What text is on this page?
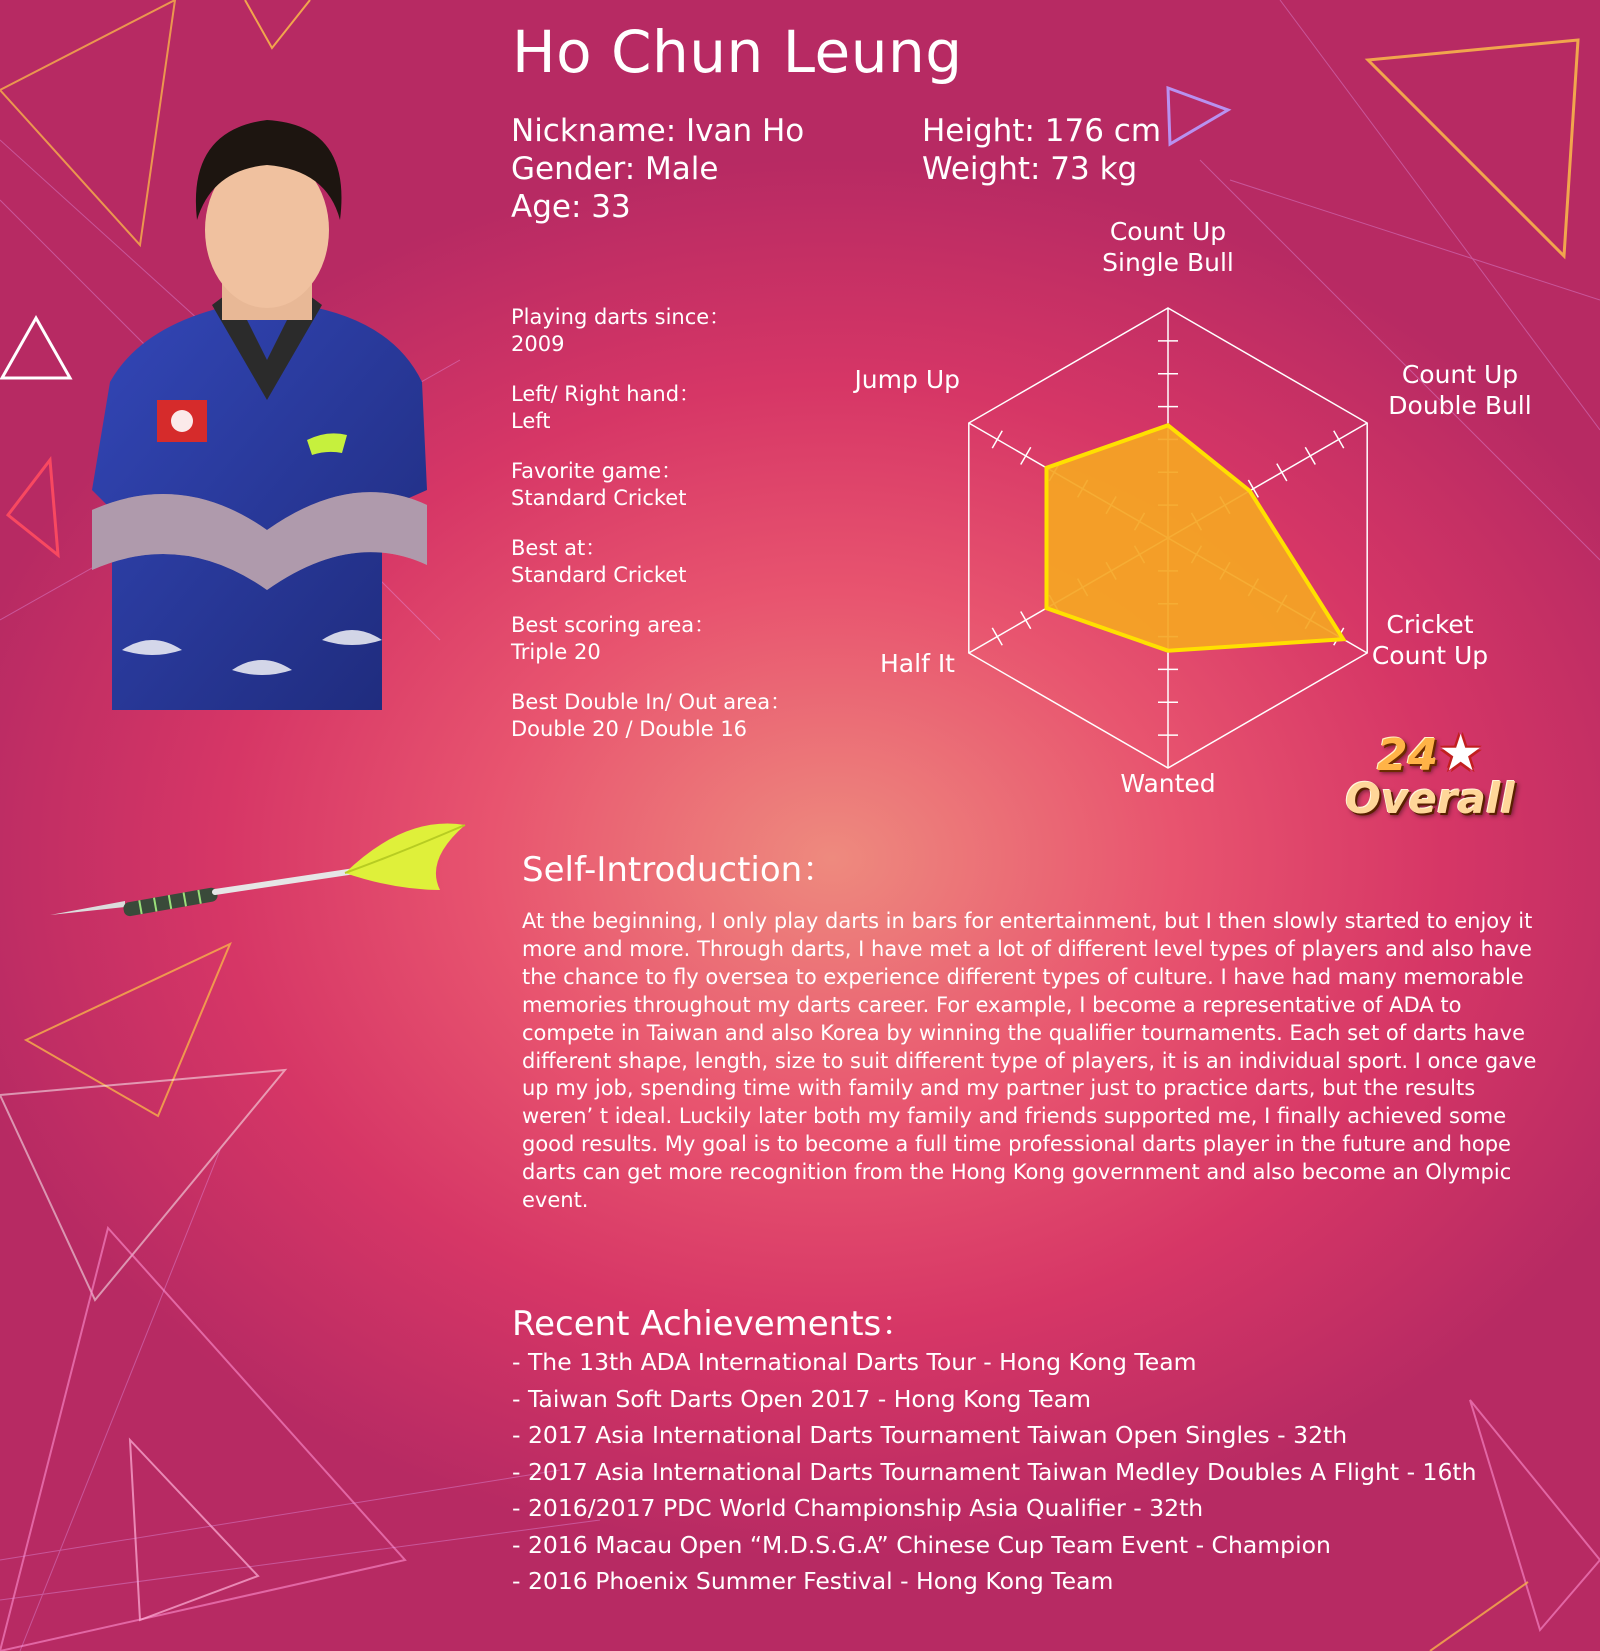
Ho Chun Leung
Nickname: Ivan Ho
Gender: Male
Age: 33
Height: 176 cm
Weight: 73 kg
Playing darts since：
2009
Left/ Right hand：
Left
Favorite game：
Standard Cricket
Best at：
Standard Cricket
Best scoring area：
Triple 20
Best Double In/ Out area：
Double 20 / Double 16
Count Up Single Bull
Count Up Double Bull
Cricket Count Up
Wanted
Half It
Jump Up
24★
Overall
Self-Introduction：

At the beginning, I only play darts in bars for entertainment, but I then slowly started to enjoy it more and more. Through darts, I have met a lot of different level types of players and also have the chance to fly oversea to experience different types of culture. I have had many memorable memories throughout my darts career. For example, I become a representative of ADA to compete in Taiwan and also Korea by winning the qualifier tournaments. Each set of darts have different shape, length, size to suit different type of players, it is an individual sport. I once gave up my job, spending time with family and my partner just to practice darts, but the results weren’ t ideal. Luckily later both my family and friends supported me, I finally achieved some good results. My goal is to become a full time professional darts player in the future and hope darts can get more recognition from the Hong Kong government and also become an Olympic event.

Recent Achievements：
- The 13th ADA International Darts Tour - Hong Kong Team
- Taiwan Soft Darts Open 2017 - Hong Kong Team
- 2017 Asia International Darts Tournament Taiwan Open Singles - 32th
- 2017 Asia International Darts Tournament Taiwan Medley Doubles A Flight - 16th
- 2016/2017 PDC World Championship Asia Qualifier - 32th
- 2016 Macau Open “M.D.S.G.A” Chinese Cup Team Event - Champion
- 2016 Phoenix Summer Festival - Hong Kong Team
